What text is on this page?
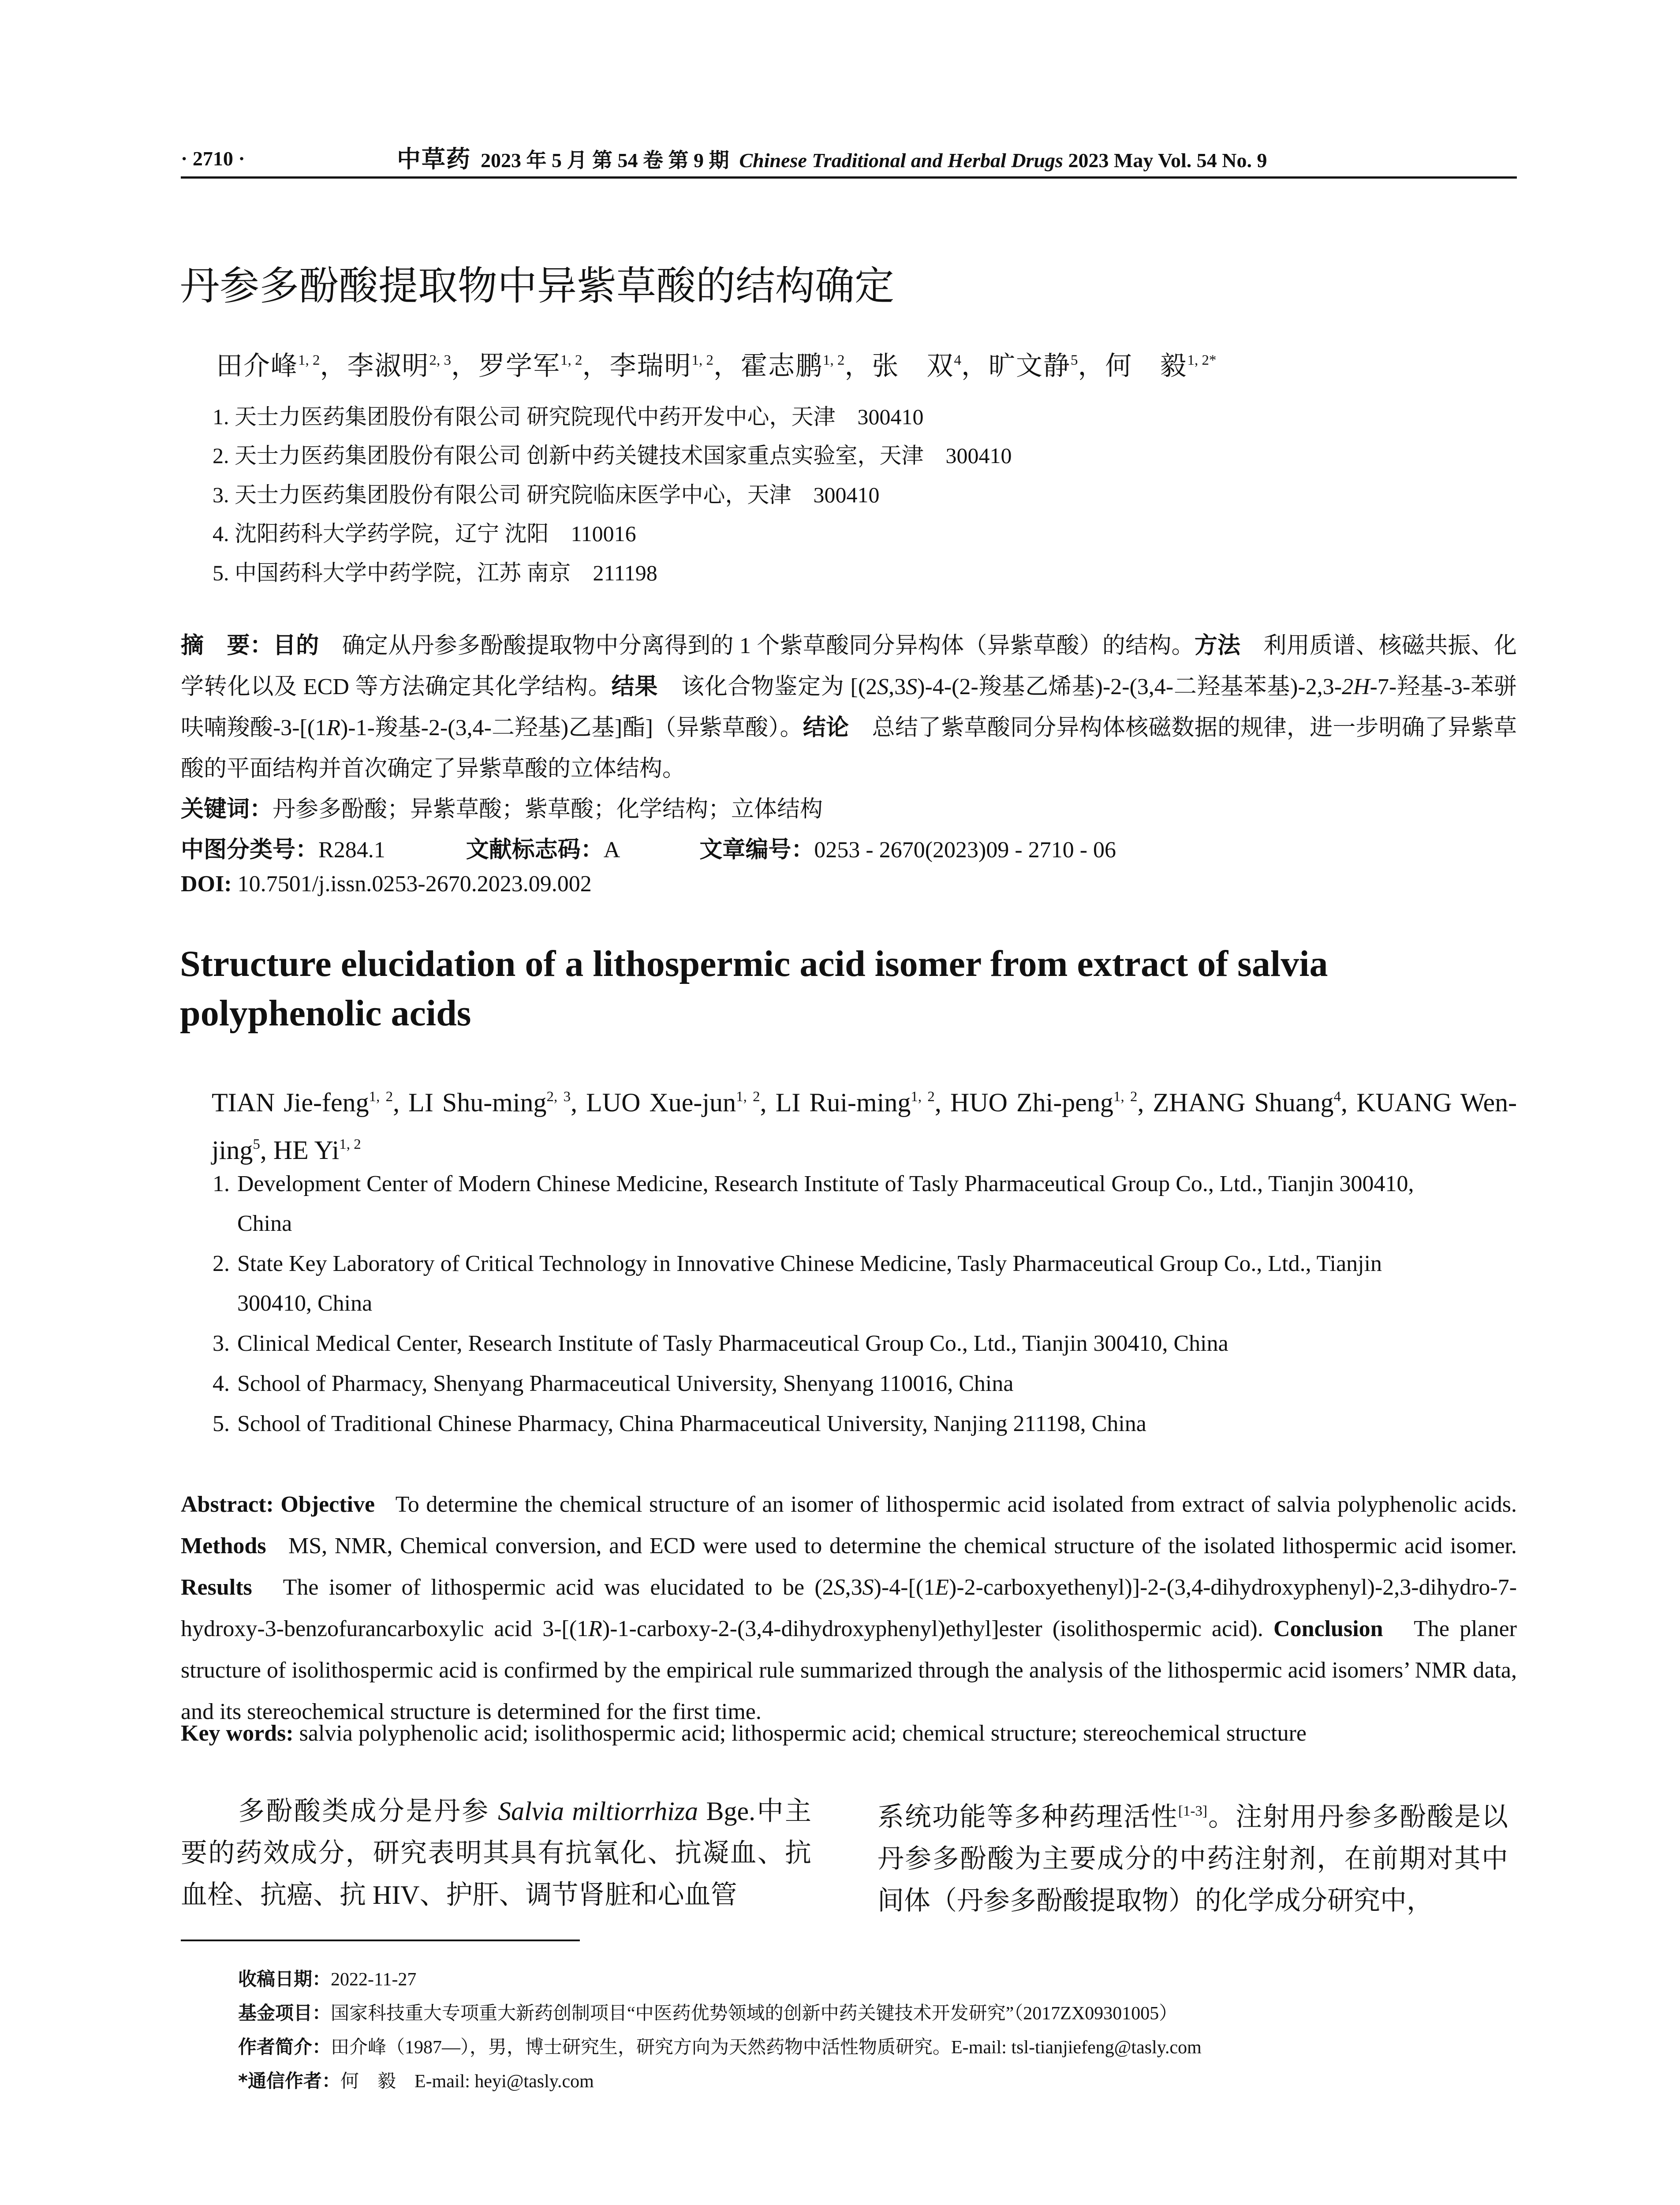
· 2710 ·	中草药 2023 年 5 月 第 54 卷 第 9 期 Chinese Traditional and Herbal Drugs 2023 May Vol. 54 No. 9
丹参多酚酸提取物中异紫草酸的结构确定
田介峰$^{1, 2}$，李淑明$^{2, 3}$，罗学军$^{1, 2}$，李瑞明$^{1, 2}$，霍志鹏$^{1, 2}$，张　双$^4$，旷文静$^5$，何　毅$^{1, 2*}$
1. 天士力医药集团股份有限公司 研究院现代中药开发中心，天津　300410
2. 天士力医药集团股份有限公司 创新中药关键技术国家重点实验室，天津　300410
3. 天士力医药集团股份有限公司 研究院临床医学中心，天津　300410
4. 沈阳药科大学药学院，辽宁 沈阳　110016
5. 中国药科大学中药学院，江苏 南京　211198
摘　要：目的　 确定从丹参多酚酸提取物中分离得到的 1 个紫草酸同分异构体（异紫草酸）的结构。方法　 利用质谱、核磁共振、化学转化以及 ECD 等方法确定其化学结构。结果　 该化合物鉴定为 [(2S,3S)-4-(2-羧基乙烯基)-2-(3,4-二羟基苯基)-2,3-2H-7-羟基-3-苯骈呋喃羧酸-3-[(1R)-1-羧基-2-(3,4-二羟基)乙基]酯]（异紫草酸）。结论　 总结了紫草酸同分异构体核磁数据的规律，进一步明确了异紫草酸的平面结构并首次确定了异紫草酸的立体结构。
关键词：丹参多酚酸；异紫草酸；紫草酸；化学结构；立体结构
中图分类号：R284.1	文献标志码：A	文章编号：0253 - 2670(2023)09 - 2710 - 06
DOI: 10.7501/j.issn.0253-2670.2023.09.002
Structure elucidation of a lithospermic acid isomer from extract of salvia
polyphenolic acids
TIAN Jie-feng$^{1, 2}$, LI Shu-ming$^{2, 3}$, LUO Xue-jun$^{1, 2}$, LI Rui-ming$^{1, 2}$, HUO Zhi-peng$^{1, 2}$, ZHANG Shuang$^4$, KUANG Wen-jing$^5$, HE Yi$^{1, 2}$
1. Development Center of Modern Chinese Medicine, Research Institute of Tasly Pharmaceutical Group Co., Ltd., Tianjin 300410,
China
2. State Key Laboratory of Critical Technology in Innovative Chinese Medicine, Tasly Pharmaceutical Group Co., Ltd., Tianjin
300410, China
3. Clinical Medical Center, Research Institute of Tasly Pharmaceutical Group Co., Ltd., Tianjin 300410, China
4. School of Pharmacy, Shenyang Pharmaceutical University, Shenyang 110016, China
5. School of Traditional Chinese Pharmacy, China Pharmaceutical University, Nanjing 211198, China
Abstract: Objective To determine the chemical structure of an isomer of lithospermic acid isolated from extract of salvia polyphenolic acids. Methods MS, NMR, Chemical conversion, and ECD were used to determine the chemical structure of the isolated lithospermic acid isomer. Results The isomer of lithospermic acid was elucidated to be (2S,3S)-4-[(1E)-2-carboxyethenyl)]-2-(3,4-dihydroxyphenyl)-2,3-dihydro-7-hydroxy-3-benzofurancarboxylic acid 3-[(1R)-1-carboxy-2-(3,4-dihydroxyphenyl)ethyl]ester (isolithospermic acid). Conclusion The planer structure of isolithospermic acid is confirmed by the empirical rule summarized through the analysis of the lithospermic acid isomers’ NMR data, and its stereochemical structure is determined for the first time.
Key words: salvia polyphenolic acid; isolithospermic acid; lithospermic acid; chemical structure; stereochemical structure
多酚酸类成分是丹参 Salvia miltiorrhiza Bge.中主要的药效成分，研究表明其具有抗氧化、抗凝血、抗血栓、抗癌、抗 HIV、护肝、调节肾脏和心血管
系统功能等多种药理活性[1-3]。注射用丹参多酚酸是以丹参多酚酸为主要成分的中药注射剂，在前期对其中间体（丹参多酚酸提取物）的化学成分研究中，
收稿日期：2022-11-27
基金项目：国家科技重大专项重大新药创制项目“中医药优势领域的创新中药关键技术开发研究”（2017ZX09301005）
作者简介：田介峰（1987—），男，博士研究生，研究方向为天然药物中活性物质研究。E-mail: tsl-tianjiefeng@tasly.com
*通信作者：何　毅　E-mail: heyi@tasly.com
